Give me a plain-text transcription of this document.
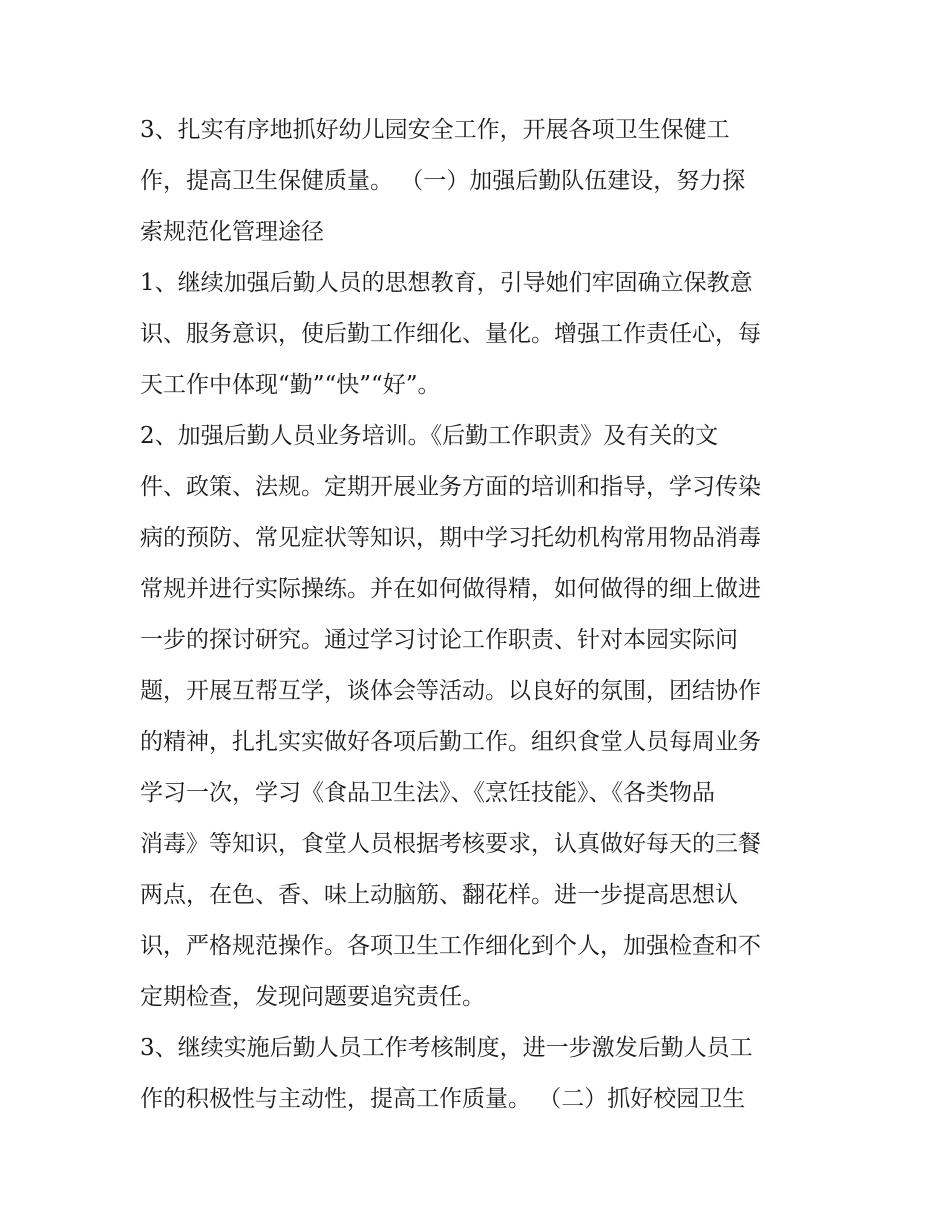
3、扎实有序地抓好幼儿园安全工作，开展各项卫生保健工
作，提高卫生保健质量。 （一）加强后勤队伍建设，努力探
索规范化管理途径
1、继续加强后勤人员的思想教育，引导她们牢固确立保教意
识、服务意识，使后勤工作细化、量化。增强工作责任心，每
天工作中体现“勤”“快”“好”。
2、加强后勤人员业务培训。《后勤工作职责》及有关的文
件、政策、法规。定期开展业务方面的培训和指导，学习传染
病的预防、常见症状等知识，期中学习托幼机构常用物品消毒
常规并进行实际操练。并在如何做得精，如何做得的细上做进
一步的探讨研究。通过学习讨论工作职责、针对本园实际问
题，开展互帮互学，谈体会等活动。以良好的氛围，团结协作
的精神，扎扎实实做好各项后勤工作。组织食堂人员每周业务
学习一次，学习《食品卫生法》、《烹饪技能》、《各类物品
消毒》等知识，食堂人员根据考核要求，认真做好每天的三餐
两点，在色、香、味上动脑筋、翻花样。进一步提高思想认
识，严格规范操作。各项卫生工作细化到个人，加强检查和不
定期检查，发现问题要追究责任。
3、继续实施后勤人员工作考核制度，进一步激发后勤人员工
作的积极性与主动性，提高工作质量。 （二）抓好校园卫生
